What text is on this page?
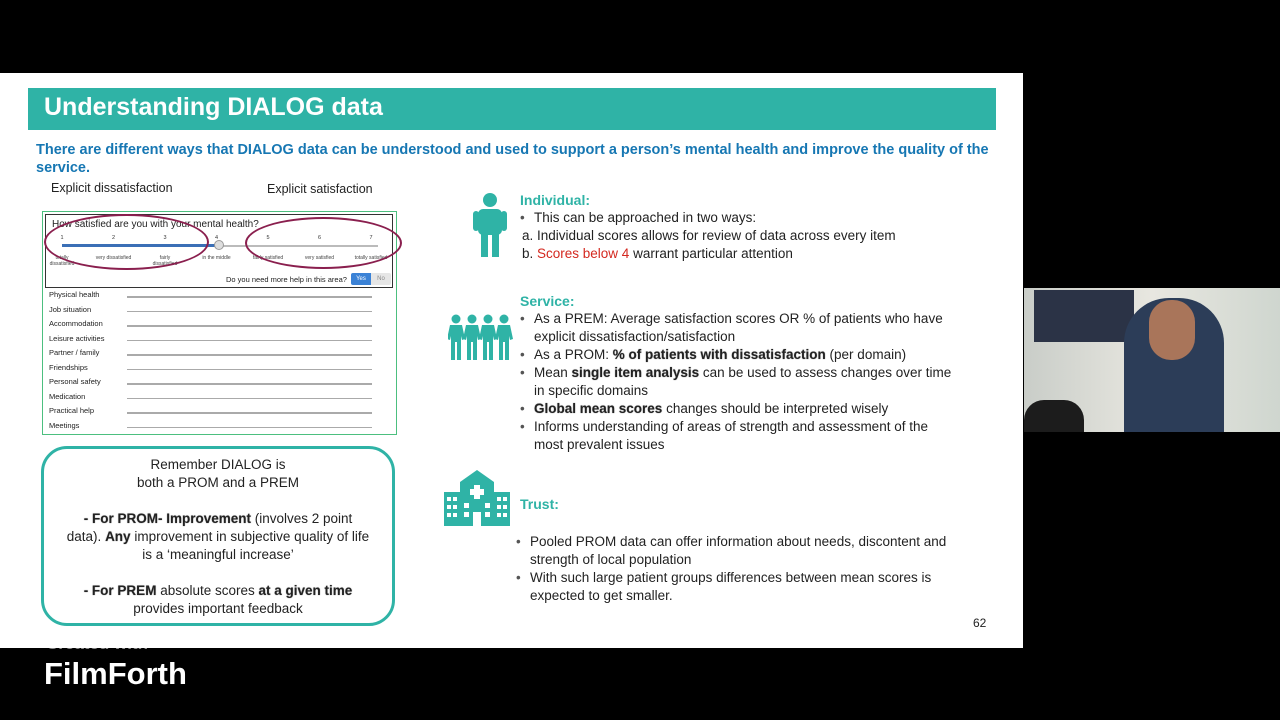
Understanding DIALOG data
There are different ways that DIALOG data can be understood and used to support a person’s mental health and improve the quality of the service.
Explicit dissatisfaction	Explicit satisfaction
How satisfied are you with your mental health?
1
totally dissatisfied
2
very dissatisfied
3
fairly dissatisfied
4
in the middle
5
fairly satisfied
6
very satisfied
7
totally satisfied
Do you need more help in this area?	Yes	No
Physical health
Job situation
Accommodation
Leisure activities
Partner / family
Friendships
Personal safety
Medication
Practical help
Meetings
Remember DIALOG is
both a PROM and a PREM
- For PROM- Improvement (involves 2 point data). Any improvement in subjective quality of life is a ‘meaningful increase’
- For PREM absolute scores at a given time provides important feedback
Individual:
• This can be approached in two ways:
a. Individual scores allows for review of data across every item
b. Scores below 4 warrant particular attention
Service:
• As a PREM: Average satisfaction scores OR % of patients who have explicit dissatisfaction/satisfaction
• As a PROM: % of patients with dissatisfaction (per domain)
• Mean single item analysis can be used to assess changes over time in specific domains
• Global mean scores changes should be interpreted wisely
• Informs understanding of areas of strength and assessment of the most prevalent issues
Trust:
• Pooled PROM data can offer information about needs, discontent and strength of local population
• With such large patient groups differences between mean scores is expected to get smaller.
62
Created with
FilmForth
